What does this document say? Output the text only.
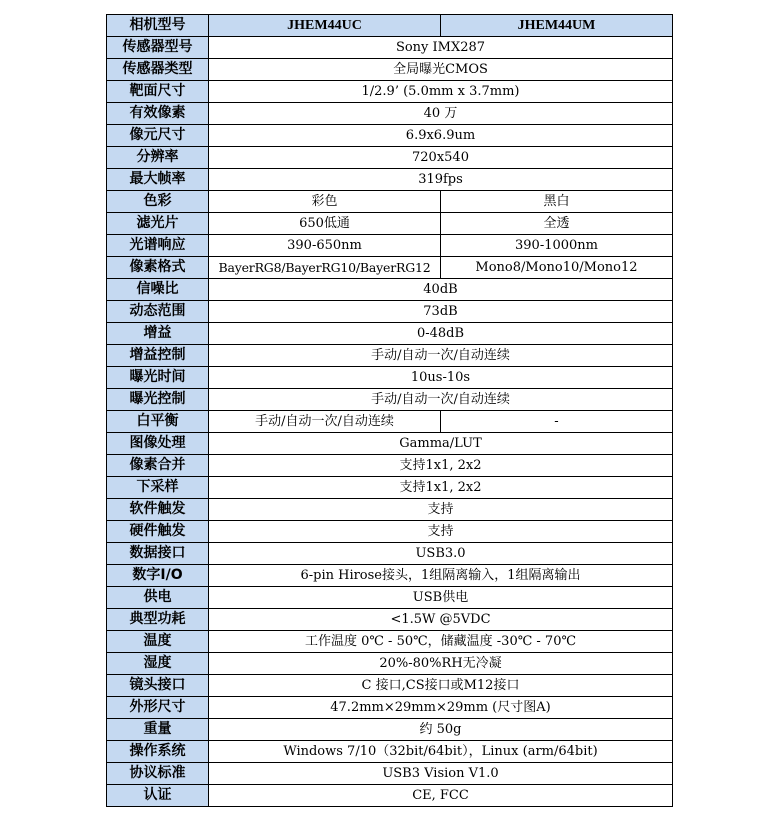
相机型号	JHEM44UC	JHEM44UM
传感器型号	Sony IMX287	
传感器类型	全局曝光CMOS	
靶面尺寸	1/2.9’ (5.0mm x 3.7mm)	
有效像素	40 万	
像元尺寸	6.9x6.9um	
分辨率	720x540	
最大帧率	319fps	
色彩	彩色	黑白
滤光片	650低通	全透
光谱响应	390-650nm	390-1000nm
像素格式	BayerRG8/BayerRG10/BayerRG12	Mono8/Mono10/Mono12
信噪比	40dB	
动态范围	73dB	
增益	0-48dB	
增益控制	手动/自动一次/自动连续	
曝光时间	10us-10s	
曝光控制	手动/自动一次/自动连续	
白平衡	手动/自动一次/自动连续	-
图像处理	Gamma/LUT	
像素合并	支持1x1, 2x2	
下采样	支持1x1, 2x2	
软件触发	支持	
硬件触发	支持	
数据接口	USB3.0	
数字I/O	6-pin Hirose接头，1组隔离输入，1组隔离输出	
供电	USB供电	
典型功耗	<1.5W @5VDC	
温度	工作温度 0℃ - 50℃，储藏温度 -30℃ - 70℃	
湿度	20%-80%RH无冷凝	
镜头接口	C 接口,CS接口或M12接口	
外形尺寸	47.2mm×29mm×29mm (尺寸图A)	
重量	约 50g	
操作系统	Windows 7/10（32bit/64bit），Linux (arm/64bit)	
协议标准	USB3 Vision V1.0	
认证	CE, FCC	
